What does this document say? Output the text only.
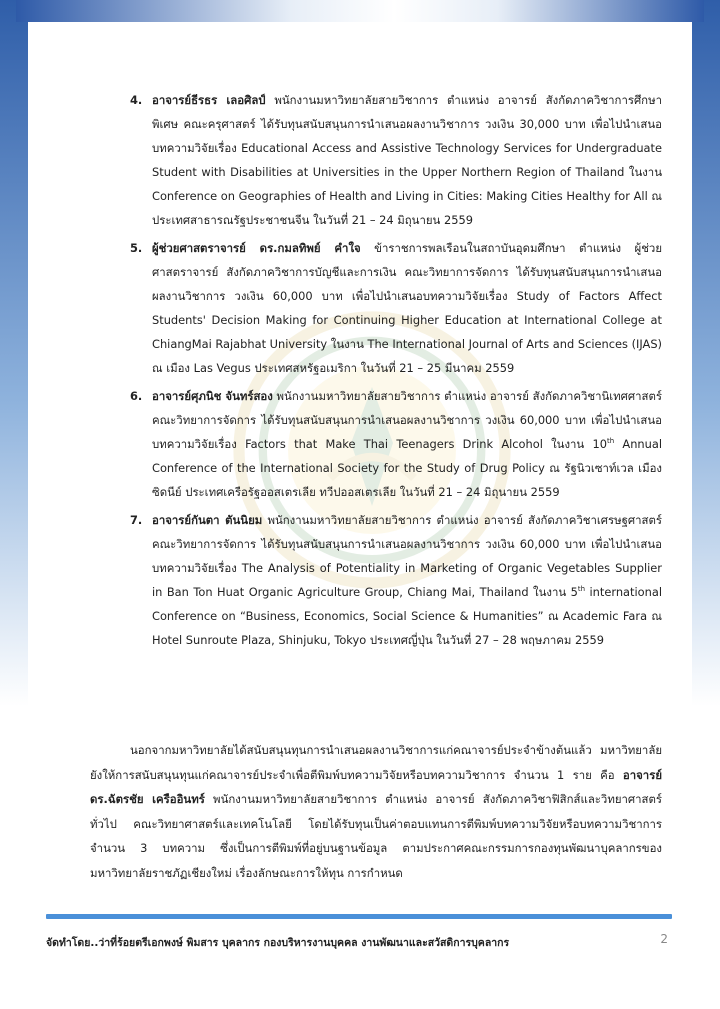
4. อาจารย์ธีรธร เลอศิลป์ พนักงานมหาวิทยาลัยสายวิชาการ ตำแหน่ง อาจารย์ สังกัดภาควิชาการศึกษาพิเศษ คณะครุศาสตร์ ได้รับทุนสนับสนุนการนำเสนอผลงานวิชาการ วงเงิน 30,000 บาท เพื่อไปนำเสนอบทความวิจัยเรื่อง Educational Access and Assistive Technology Services for Undergraduate Student with Disabilities at Universities in the Upper Northern Region of Thailand ในงาน Conference on Geographies of Health and Living in Cities: Making Cities Healthy for All ณ ประเทศสาธารณรัฐประชาชนจีน ในวันที่ 21 – 24 มิถุนายน 2559

5. ผู้ช่วยศาสตราจารย์ ดร.กมลทิพย์ คำใจ ข้าราชการพลเรือนในสถาบันอุดมศึกษา ตำแหน่ง ผู้ช่วยศาสตราจารย์ สังกัดภาควิชาการบัญชีและการเงิน คณะวิทยาการจัดการ ได้รับทุนสนับสนุนการนำเสนอผลงานวิชาการ วงเงิน 60,000 บาท เพื่อไปนำเสนอบทความวิจัยเรื่อง Study of Factors Affect Students' Decision Making for Continuing Higher Education at International College at ChiangMai Rajabhat University ในงาน The International Journal of Arts and Sciences (IJAS) ณ เมือง Las Vegus ประเทศสหรัฐอเมริกา ในวันที่ 21 – 25 มีนาคม 2559

6. อาจารย์ศุภนิช จันทร์สอง พนักงานมหาวิทยาลัยสายวิชาการ ตำแหน่ง อาจารย์ สังกัดภาควิชานิเทศศาสตร์ คณะวิทยาการจัดการ ได้รับทุนสนับสนุนการนำเสนอผลงานวิชาการ วงเงิน 60,000 บาท เพื่อไปนำเสนอบทความวิจัยเรื่อง Factors that Make Thai Teenagers Drink Alcohol ในงาน 10th Annual Conference of the International Society for the Study of Drug Policy ณ รัฐนิวเซาท์เวล เมืองซิดนีย์ ประเทศเครือรัฐออสเตรเลีย ทวีปออสเตรเลีย ในวันที่ 21 – 24 มิถุนายน 2559

7. อาจารย์กันตา ตันนิยม พนักงานมหาวิทยาลัยสายวิชาการ ตำแหน่ง อาจารย์ สังกัดภาควิชาเศรษฐศาสตร์ คณะวิทยาการจัดการ ได้รับทุนสนับสนุนการนำเสนอผลงานวิชาการ วงเงิน 60,000 บาท เพื่อไปนำเสนอบทความวิจัยเรื่อง The Analysis of Potentiality in Marketing of Organic Vegetables Supplier in Ban Ton Huat Organic Agriculture Group, Chiang Mai, Thailand ในงาน 5th international Conference on “Business, Economics, Social Science & Humanities” ณ Academic Fara ณ Hotel Sunroute Plaza, Shinjuku, Tokyo ประเทศญี่ปุ่น ในวันที่ 27 – 28 พฤษภาคม 2559

นอกจากมหาวิทยาลัยได้สนับสนุนทุนการนำเสนอผลงานวิชาการแก่คณาจารย์ประจำข้างต้นแล้ว มหาวิทยาลัยยังให้การสนับสนุนทุนแก่คณาจารย์ประจำเพื่อตีพิมพ์บทความวิจัยหรือบทความวิชาการ จำนวน 1 ราย คือ อาจารย์ ดร.ฉัตรชัย เครืออินทร์ พนักงานมหาวิทยาลัยสายวิชาการ ตำแหน่ง อาจารย์ สังกัดภาควิชาฟิสิกส์และวิทยาศาสตร์ทั่วไป คณะวิทยาศาสตร์และเทคโนโลยี โดยได้รับทุนเป็นค่าตอบแทนการตีพิมพ์บทความวิจัยหรือบทความวิชาการ จำนวน 3 บทความ ซึ่งเป็นการตีพิมพ์ที่อยู่บนฐานข้อมูล ตามประกาศคณะกรรมการกองทุนพัฒนาบุคลากรของมหาวิทยาลัยราชภัฏเชียงใหม่ เรื่องลักษณะการให้ทุน การกำหนด

จัดทำโดย..ว่าที่ร้อยตรีเอกพงษ์ พิมสาร บุคลากร กองบริหารงานบุคคล งานพัฒนาและสวัสดิการบุคลากร	2
